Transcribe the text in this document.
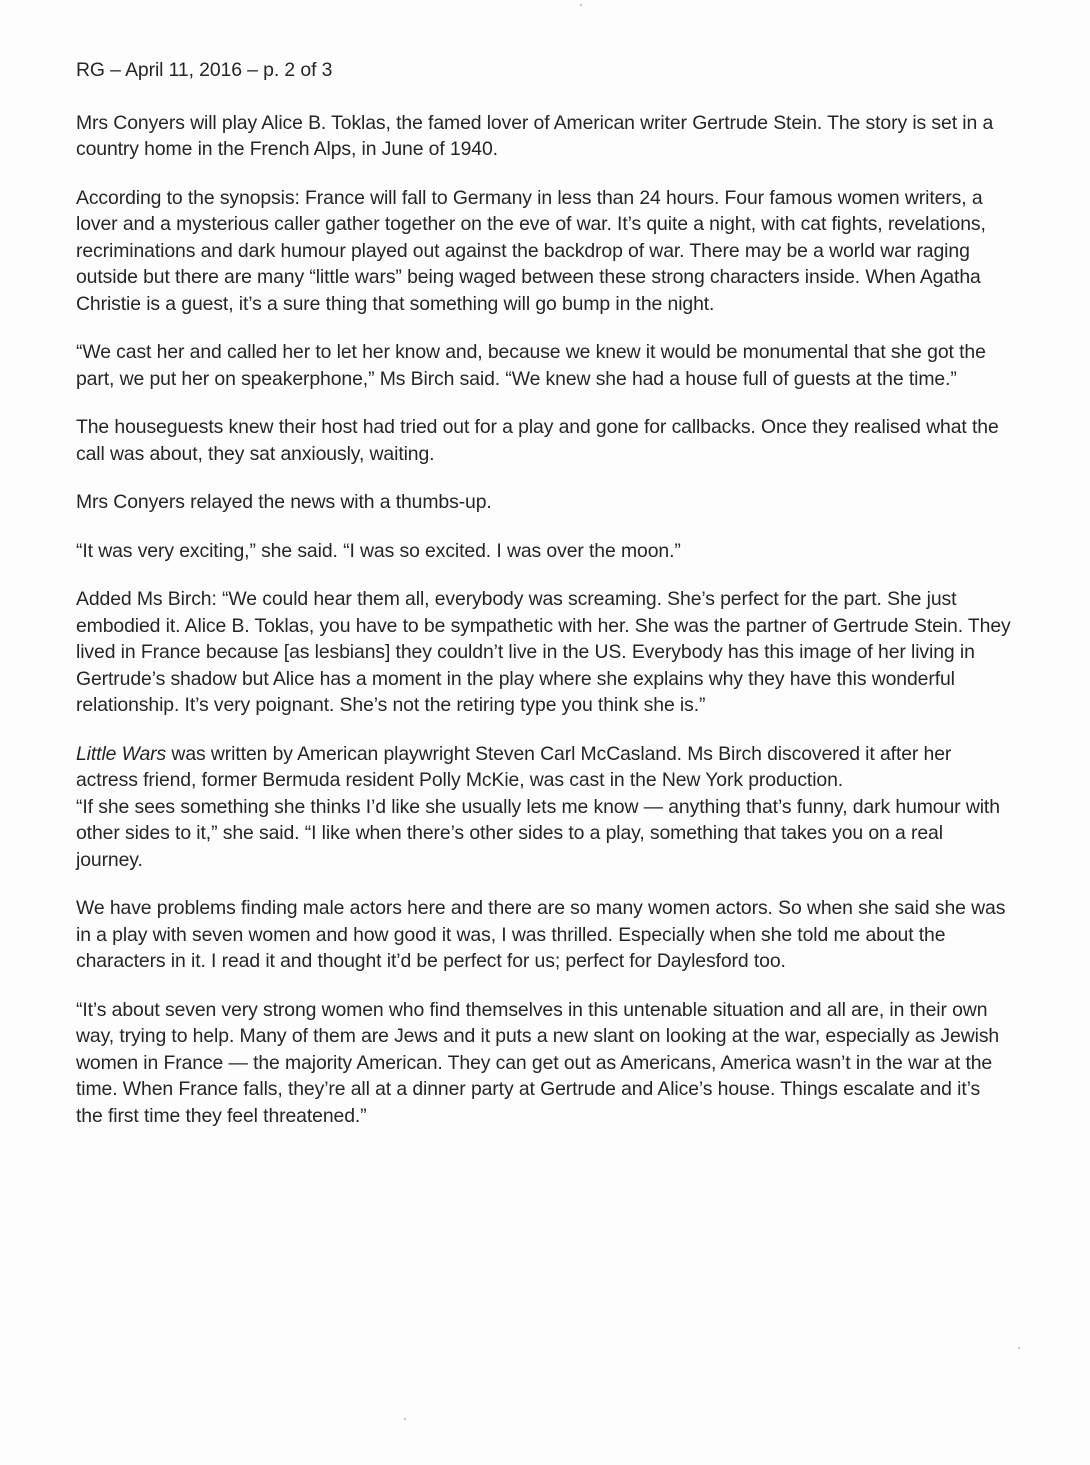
RG – April 11, 2016 – p. 2 of 3

Mrs Conyers will play Alice B. Toklas, the famed lover of American writer Gertrude Stein. The story is set in a country home in the French Alps, in June of 1940.

According to the synopsis: France will fall to Germany in less than 24 hours. Four famous women writers, a lover and a mysterious caller gather together on the eve of war. It’s quite a night, with cat fights, revelations, recriminations and dark humour played out against the backdrop of war. There may be a world war raging outside but there are many “little wars” being waged between these strong characters inside. When Agatha Christie is a guest, it’s a sure thing that something will go bump in the night.

“We cast her and called her to let her know and, because we knew it would be monumental that she got the part, we put her on speakerphone,” Ms Birch said. “We knew she had a house full of guests at the time.”

The houseguests knew their host had tried out for a play and gone for callbacks. Once they realised what the call was about, they sat anxiously, waiting.

Mrs Conyers relayed the news with a thumbs-up.

“It was very exciting,” she said. “I was so excited. I was over the moon.”

Added Ms Birch: “We could hear them all, everybody was screaming. She’s perfect for the part. She just embodied it. Alice B. Toklas, you have to be sympathetic with her. She was the partner of Gertrude Stein. They lived in France because [as lesbians] they couldn’t live in the US. Everybody has this image of her living in Gertrude’s shadow but Alice has a moment in the play where she explains why they have this wonderful relationship. It’s very poignant. She’s not the retiring type you think she is.”

Little Wars was written by American playwright Steven Carl McCasland. Ms Birch discovered it after her actress friend, former Bermuda resident Polly McKie, was cast in the New York production.

“If she sees something she thinks I’d like she usually lets me know — anything that’s funny, dark humour with other sides to it,” she said. “I like when there’s other sides to a play, something that takes you on a real journey.

We have problems finding male actors here and there are so many women actors. So when she said she was in a play with seven women and how good it was, I was thrilled. Especially when she told me about the characters in it. I read it and thought it’d be perfect for us; perfect for Daylesford too.

“It’s about seven very strong women who find themselves in this untenable situation and all are, in their own way, trying to help. Many of them are Jews and it puts a new slant on looking at the war, especially as Jewish women in France — the majority American. They can get out as Americans, America wasn’t in the war at the time. When France falls, they’re all at a dinner party at Gertrude and Alice’s house. Things escalate and it’s the first time they feel threatened.”
